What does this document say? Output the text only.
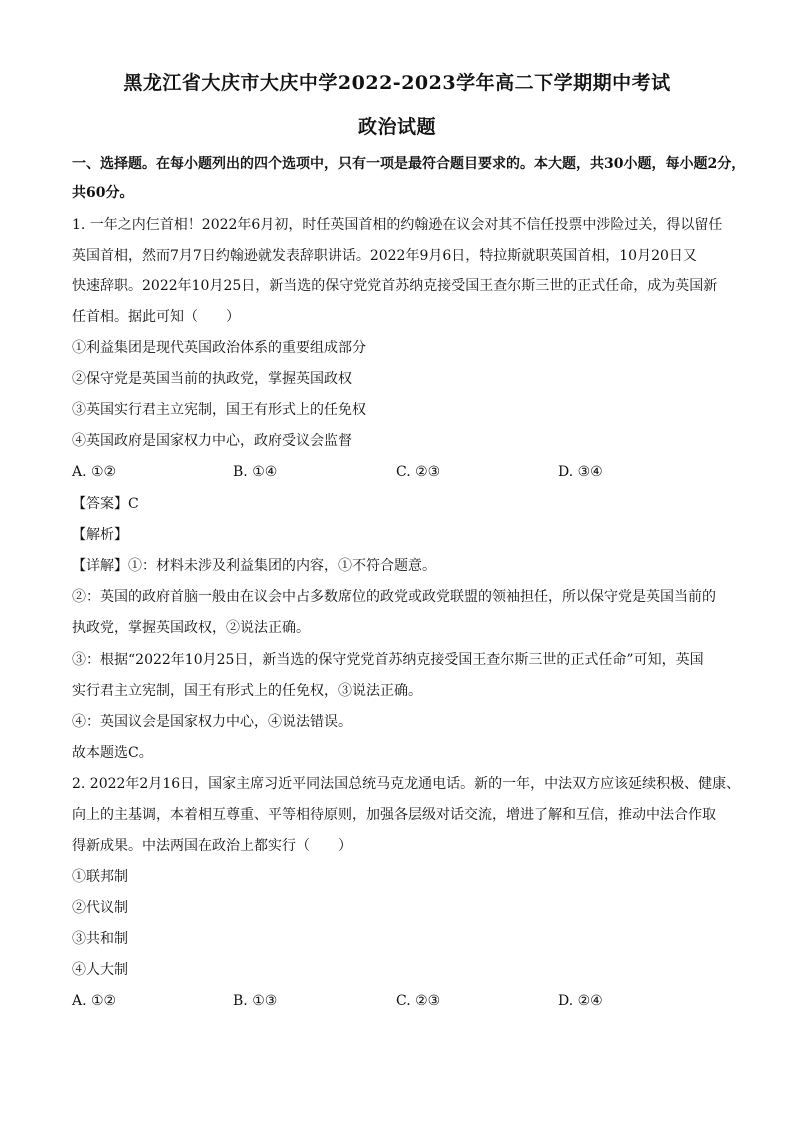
黑龙江省大庆市大庆中学2022-2023学年高二下学期期中考试
政治试题
一、选择题。在每小题列出的四个选项中，只有一项是最符合题目要求的。本大题，共30小题，每小题2分，
共60分。
1. 一年之内仨首相！2022年6月初，时任英国首相的约翰逊在议会对其不信任投票中涉险过关，得以留任
英国首相，然而7月7日约翰逊就发表辞职讲话。2022年9月6日，特拉斯就职英国首相，10月20日又
快速辞职。2022年10月25日，新当选的保守党党首苏纳克接受国王查尔斯三世的正式任命，成为英国新
任首相。据此可知（　　）
①利益集团是现代英国政治体系的重要组成部分
②保守党是英国当前的执政党，掌握英国政权
③英国实行君主立宪制，国王有形式上的任免权
④英国政府是国家权力中心，政府受议会监督
A. ①②	B. ①④	C. ②③	D. ③④
【答案】C
【解析】
【详解】①：材料未涉及利益集团的内容，①不符合题意。
②：英国的政府首脑一般由在议会中占多数席位的政党或政党联盟的领袖担任，所以保守党是英国当前的
执政党，掌握英国政权，②说法正确。
③：根据“2022年10月25日，新当选的保守党党首苏纳克接受国王查尔斯三世的正式任命”可知，英国
实行君主立宪制，国王有形式上的任免权，③说法正确。
④：英国议会是国家权力中心，④说法错误。
故本题选C。
2. 2022年2月16日，国家主席习近平同法国总统马克龙通电话。新的一年，中法双方应该延续积极、健康、
向上的主基调，本着相互尊重、平等相待原则，加强各层级对话交流，增进了解和互信，推动中法合作取
得新成果。中法两国在政治上都实行（　　）
①联邦制
②代议制
③共和制
④人大制
A. ①②	B. ①③	C. ②③	D. ②④
